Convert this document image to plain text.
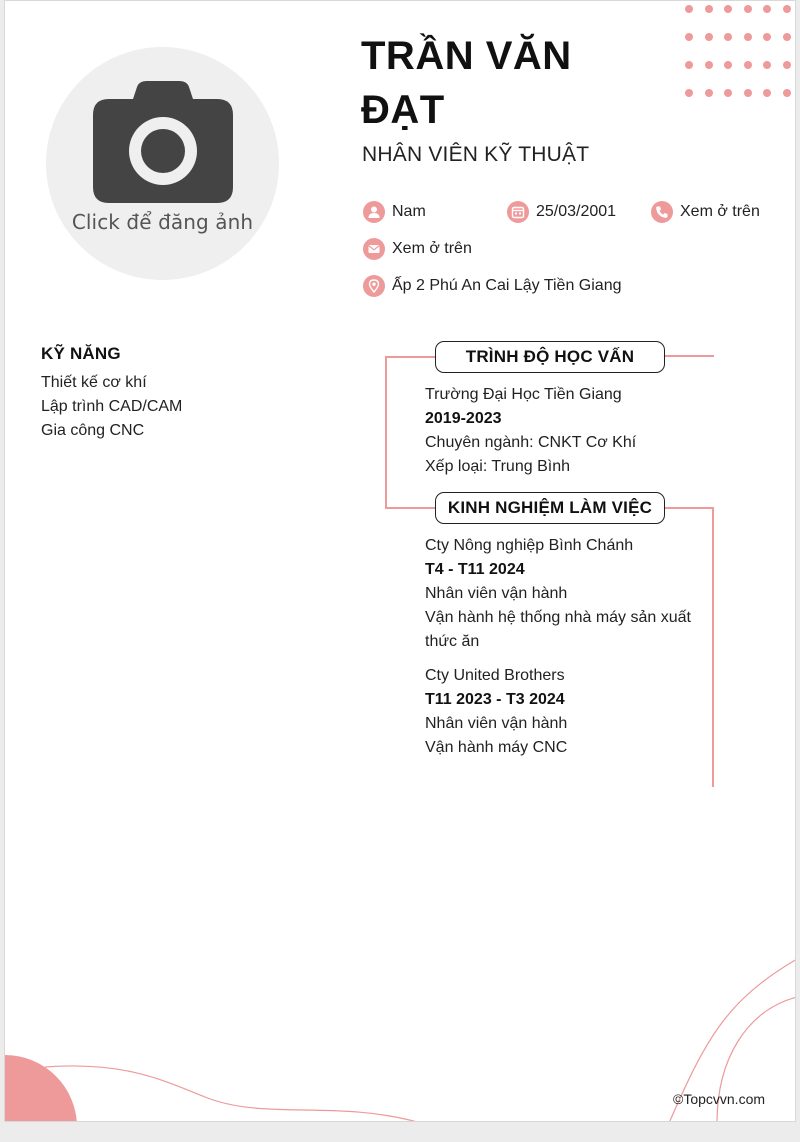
Click để đăng ảnh
TRẦN VĂN ĐẠT
NHÂN VIÊN KỸ THUẬT
Nam	25/03/2001	Xem ở trên
Xem ở trên
Ấp 2 Phú An Cai Lậy Tiền Giang
KỸ NĂNG
Thiết kế cơ khí
Lập trình CAD/CAM
Gia công CNC
TRÌNH ĐỘ HỌC VẤN
Trường Đại Học Tiền Giang
2019-2023
Chuyên ngành: CNKT Cơ Khí
Xếp loại: Trung Bình
KINH NGHIỆM LÀM VIỆC
Cty Nông nghiệp Bình Chánh
T4 - T11 2024
Nhân viên vận hành
Vận hành hệ thống nhà máy sản xuất thức ăn
Cty United Brothers
T11 2023 - T3 2024
Nhân viên vận hành
Vận hành máy CNC
©Topcvvn.com
